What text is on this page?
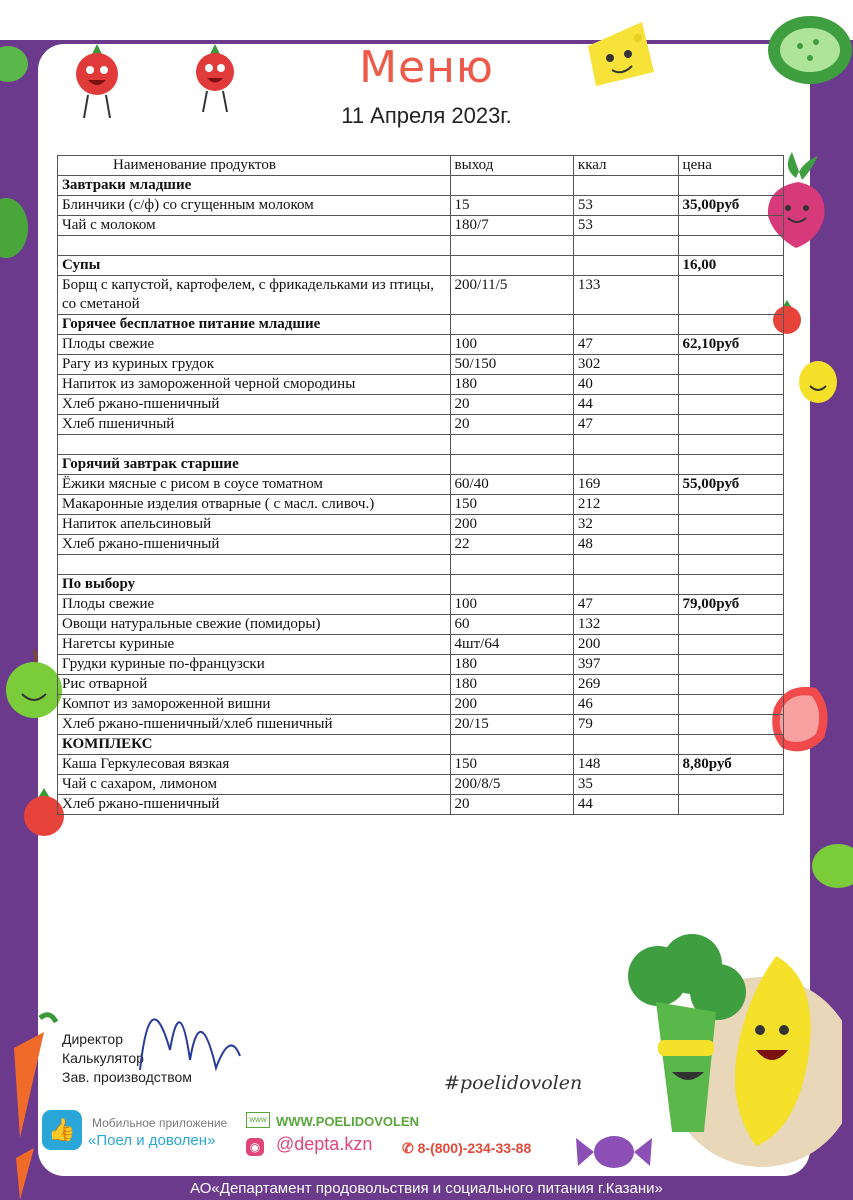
Меню
11 Апреля 2023г.
Наименование продуктов	выход	ккал	цена
Завтраки младшие			
Блинчики (с/ф) со сгущенным молоком	15	53	35,00руб
Чай с молоком	180/7	53	

Супы			16,00
Борщ с капустой, картофелем, с фрикадельками из птицы, со сметаной	200/11/5	133	
Горячее бесплатное питание младшие			
Плоды свежие	100	47	62,10руб
Рагу из куриных грудок	50/150	302	
Напиток из замороженной черной смородины	180	40	
Хлеб ржано-пшеничный	20	44	
Хлеб пшеничный	20	47	

Горячий завтрак старшие			
Ёжики мясные с рисом в соусе томатном	60/40	169	55,00руб
Макаронные изделия отварные ( с масл. сливоч.)	150	212	
Напиток апельсиновый	200	32	
Хлеб ржано-пшеничный	22	48	

По выбору			
Плоды свежие	100	47	79,00руб
Овощи натуральные свежие (помидоры)	60	132	
Нагетсы куриные	4шт/64	200	
Грудки куриные по-французски	180	397	
Рис отварной	180	269	
Компот из замороженной вишни	200	46	
Хлеб ржано-пшеничный/хлеб пшеничный	20/15	79	
КОМПЛЕКС			
Каша Геркулесовая вязкая	150	148	8,80руб
Чай с сахаром, лимоном	200/8/5	35	
Хлеб ржано-пшеничный	20	44	
Директор
Калькулятор
Зав. производством
👍	Мобильное приложение
«Поел и доволен»
www WWW.POELIDOVOLEN
◉ @depta.kzn ✆ 8-(800)-234-33-88
#poelidovolen
АО«Департамент продовольствия и социального питания г.Казани»
